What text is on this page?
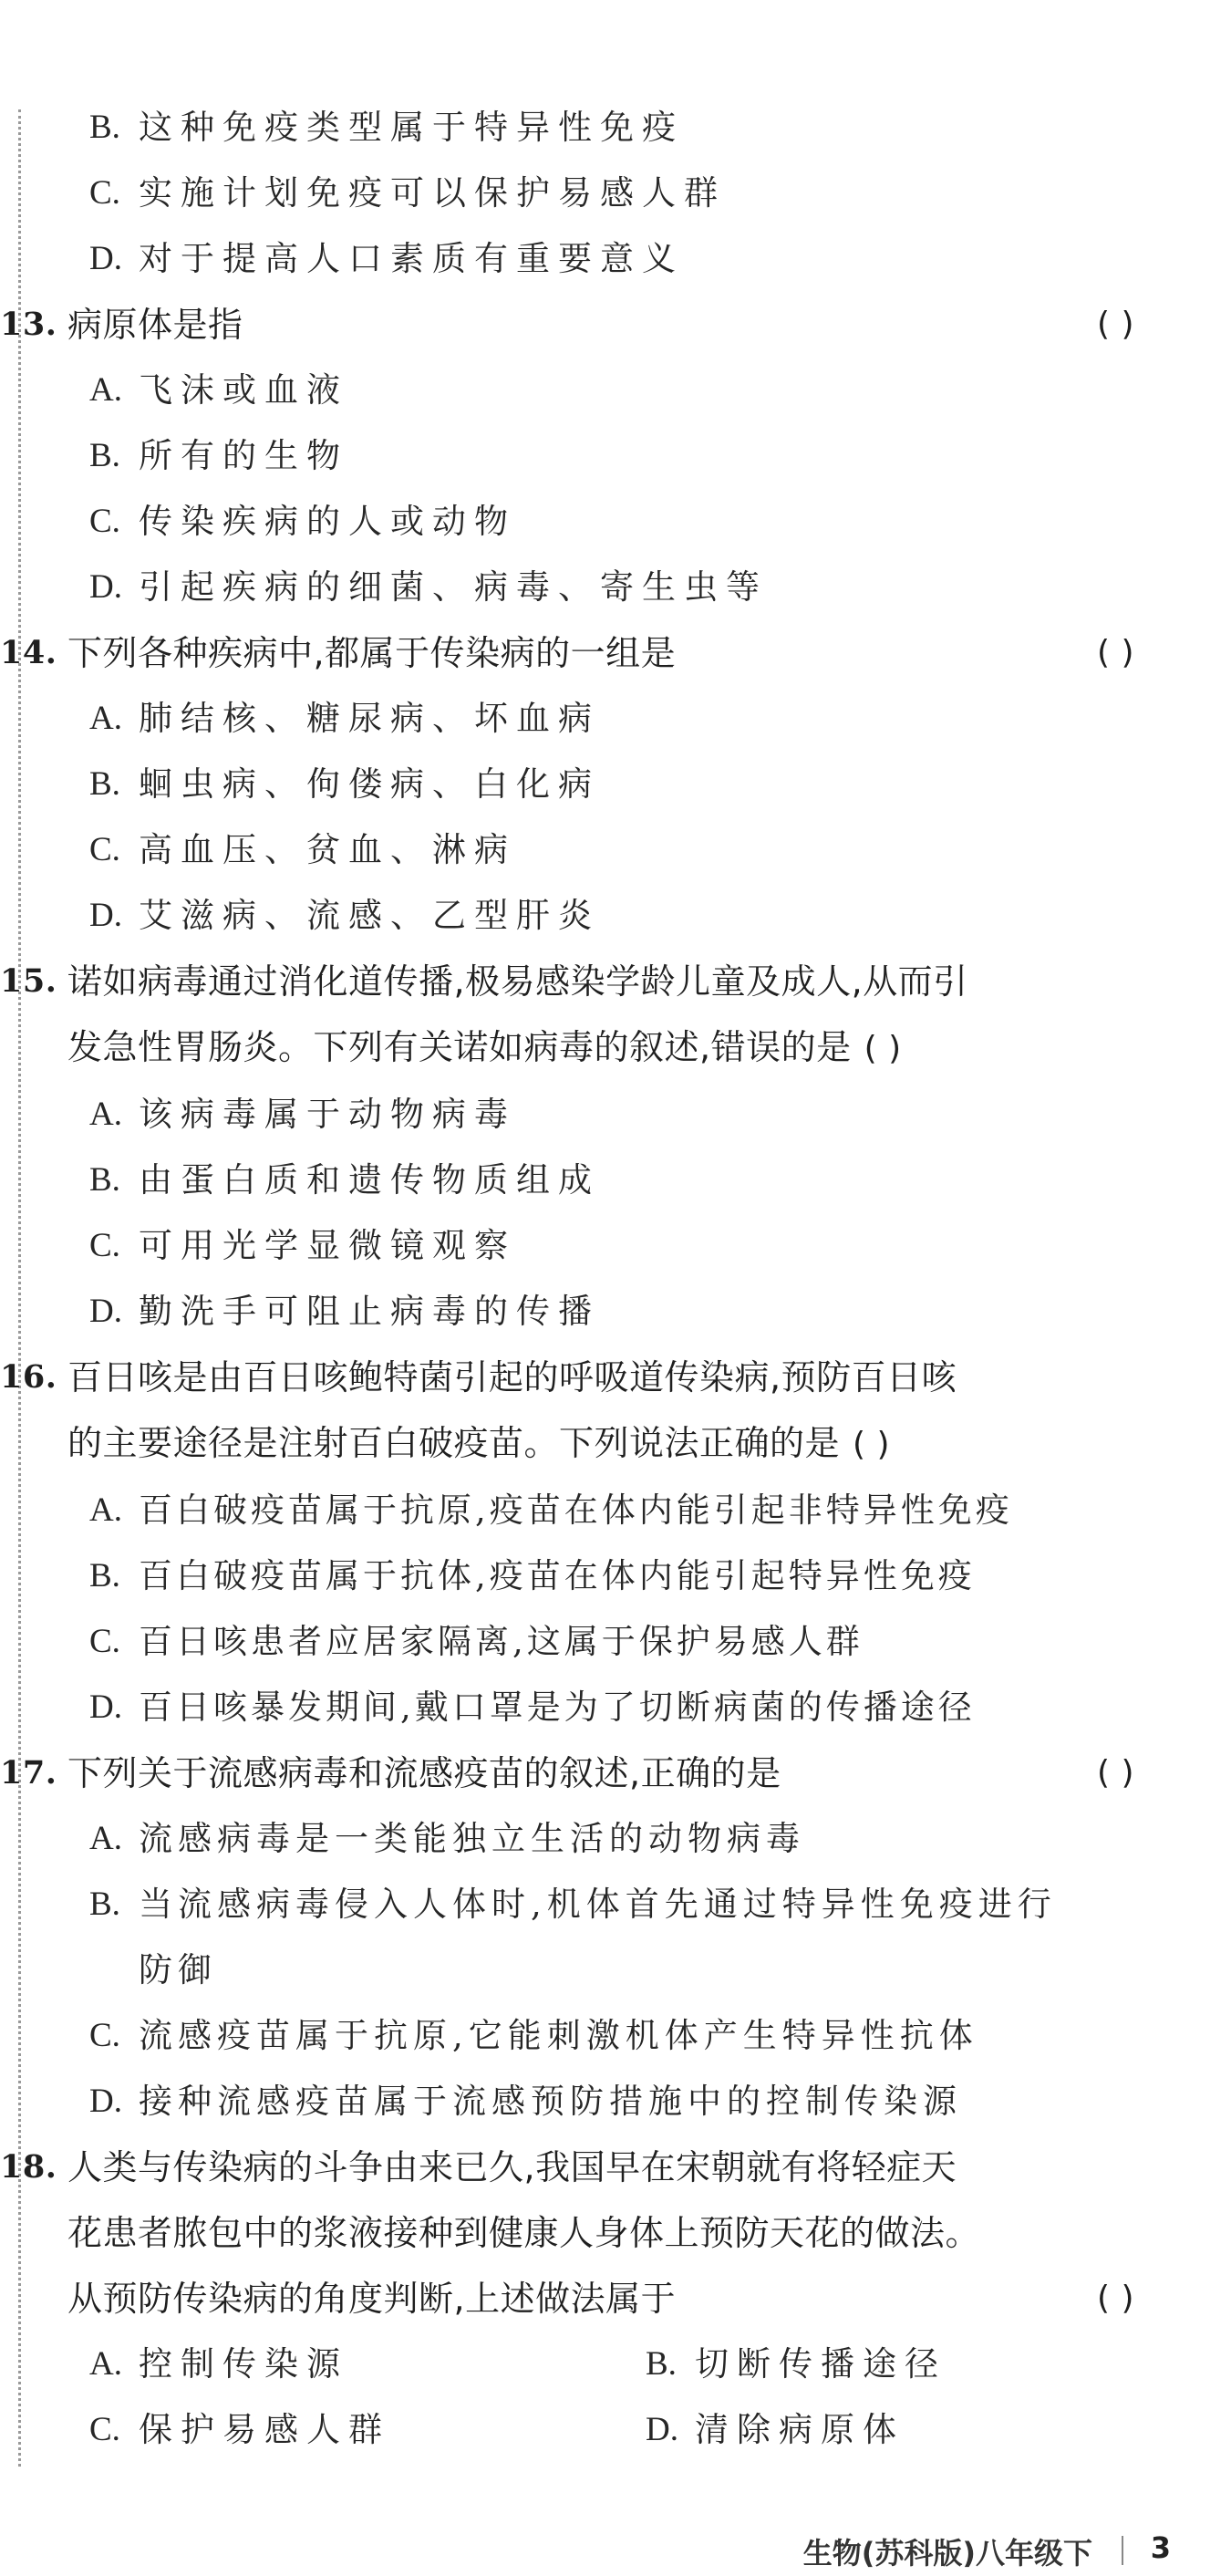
B. 这种免疫类型属于特异性免疫
C. 实施计划免疫可以保护易感人群
D. 对于提高人口素质有重要意义
13. 病原体是指	( )
A. 飞沫或血液
B. 所有的生物
C. 传染疾病的人或动物
D. 引起疾病的细菌、病毒、寄生虫等
14. 下列各种疾病中,都属于传染病的一组是	( )
A. 肺结核、糖尿病、坏血病
B. 蛔虫病、佝偻病、白化病
C. 高血压、贫血、淋病
D. 艾滋病、流感、乙型肝炎
15. 诺如病毒通过消化道传播,极易感染学龄儿童及成人,从而引
发急性胃肠炎。下列有关诺如病毒的叙述,错误的是 ( )
A. 该病毒属于动物病毒
B. 由蛋白质和遗传物质组成
C. 可用光学显微镜观察
D. 勤洗手可阻止病毒的传播
16. 百日咳是由百日咳鲍特菌引起的呼吸道传染病,预防百日咳
的主要途径是注射百白破疫苗。下列说法正确的是 ( )
A. 百白破疫苗属于抗原,疫苗在体内能引起非特异性免疫
B. 百白破疫苗属于抗体,疫苗在体内能引起特异性免疫
C. 百日咳患者应居家隔离,这属于保护易感人群
D. 百日咳暴发期间,戴口罩是为了切断病菌的传播途径
17. 下列关于流感病毒和流感疫苗的叙述,正确的是	( )
A. 流感病毒是一类能独立生活的动物病毒
B. 当流感病毒侵入人体时,机体首先通过特异性免疫进行
防御
C. 流感疫苗属于抗原,它能刺激机体产生特异性抗体
D. 接种流感疫苗属于流感预防措施中的控制传染源
18. 人类与传染病的斗争由来已久,我国早在宋朝就有将轻症天
花患者脓包中的浆液接种到健康人身体上预防天花的做法。
从预防传染病的角度判断,上述做法属于	( )
A. 控制传染源	B. 切断传播途径
C. 保护易感人群	D. 清除病原体
生物(苏科版)八年级下 3
